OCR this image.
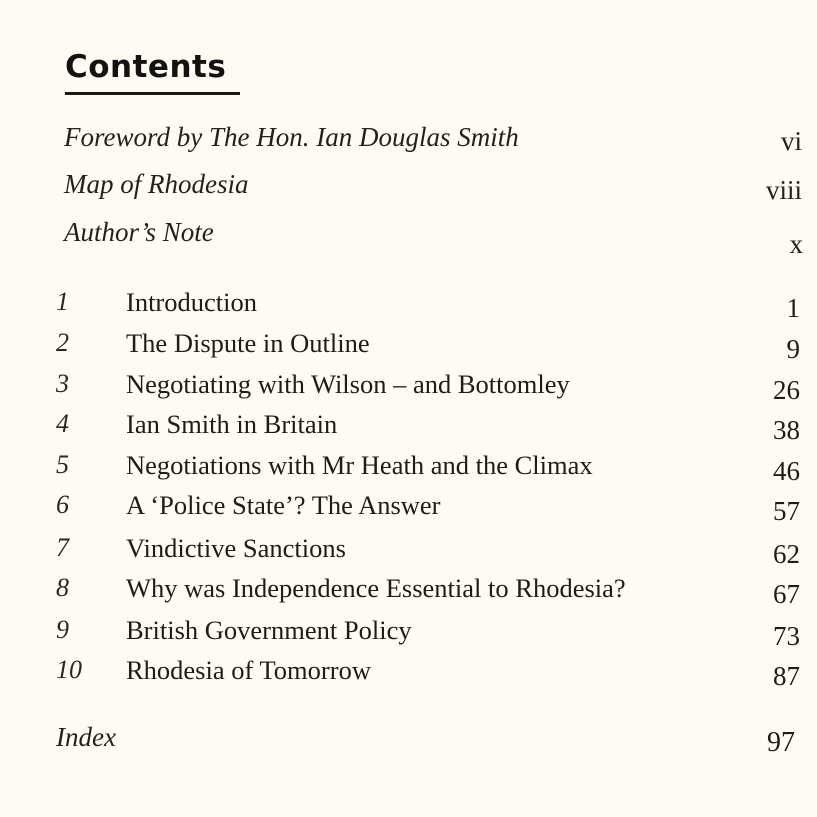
Contents
Foreword by The Hon. Ian Douglas Smith	vi
Map of Rhodesia	viii
Author’s Note	x
1	Introduction	1
2	The Dispute in Outline	9
3	Negotiating with Wilson – and Bottomley	26
4	Ian Smith in Britain	38
5	Negotiations with Mr Heath and the Climax	46
6	A ‘Police State’? The Answer	57
7	Vindictive Sanctions	62
8	Why was Independence Essential to Rhodesia?	67
9	British Government Policy	73
10	Rhodesia of Tomorrow	87
Index	97
